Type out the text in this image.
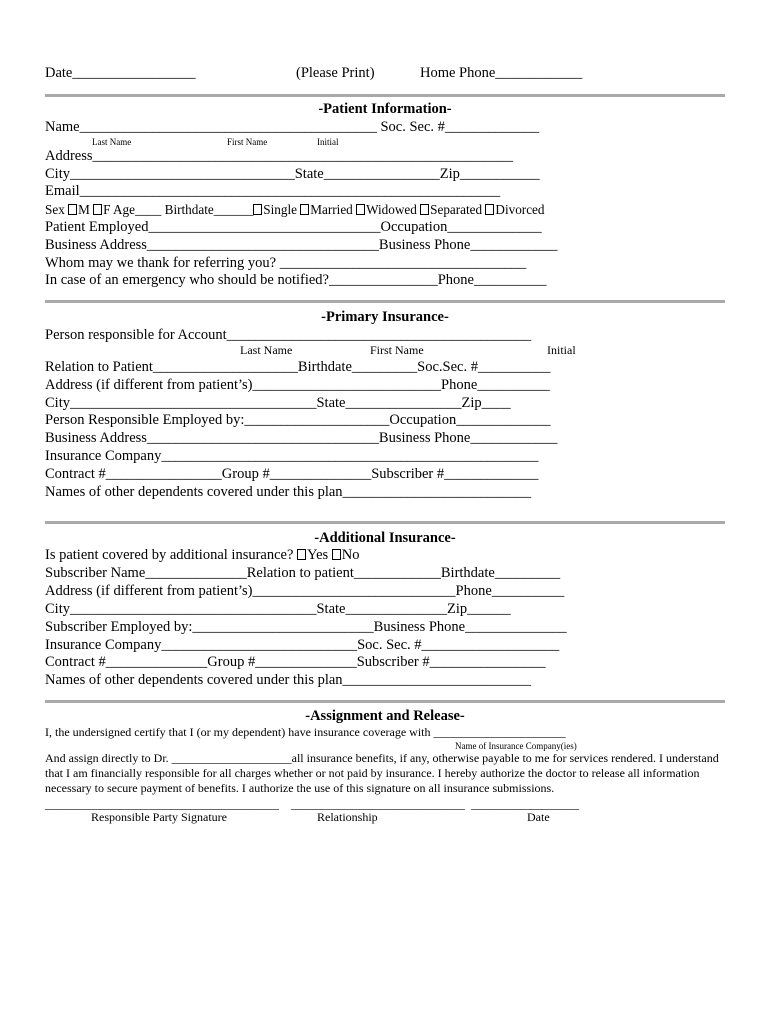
Date_________________	(Please Print)	Home Phone____________
-Patient Information-
Name_________________________________________ Soc. Sec. #_____________
Last Name	First Name	Initial
Address__________________________________________________________
City_______________________________State________________Zip___________
Email__________________________________________________________
Sex M F Age____ Birthdate______ Single Married Widowed Separated Divorced
Patient Employed________________________________Occupation_____________
Business Address________________________________Business Phone____________
Whom may we thank for referring you? __________________________________
In case of an emergency who should be notified?_______________Phone__________
-Primary Insurance-
Person responsible for Account__________________________________________
Last Name	First Name	Initial
Relation to Patient____________________Birthdate_________Soc.Sec. #__________
Address (if different from patient’s)__________________________Phone__________
City__________________________________State________________Zip____
Person Responsible Employed by:____________________Occupation_____________
Business Address________________________________Business Phone____________
Insurance Company____________________________________________________
Contract #________________Group #______________Subscriber #_____________
Names of other dependents covered under this plan__________________________
-Additional Insurance-
Is patient covered by additional insurance? Yes No
Subscriber Name______________Relation to patient____________Birthdate_________
Address (if different from patient’s)____________________________Phone__________
City__________________________________State______________Zip______
Subscriber Employed by:_________________________Business Phone______________
Insurance Company___________________________Soc. Sec. #___________________
Contract #______________Group #______________Subscriber #________________
Names of other dependents covered under this plan__________________________
-Assignment and Release-
I, the undersigned certify that I (or my dependent) have insurance coverage with ______________________
Name of Insurance Company(ies)
And assign directly to Dr. ____________________all insurance benefits, if any, otherwise payable to me for services rendered. I understand that I am financially responsible for all charges whether or not paid by insurance. I hereby authorize the doctor to release all information necessary to secure payment of benefits. I authorize the use of this signature on all insurance submissions.
_______________________________________    _____________________________  __________________
Responsible Party Signature	Relationship	Date
